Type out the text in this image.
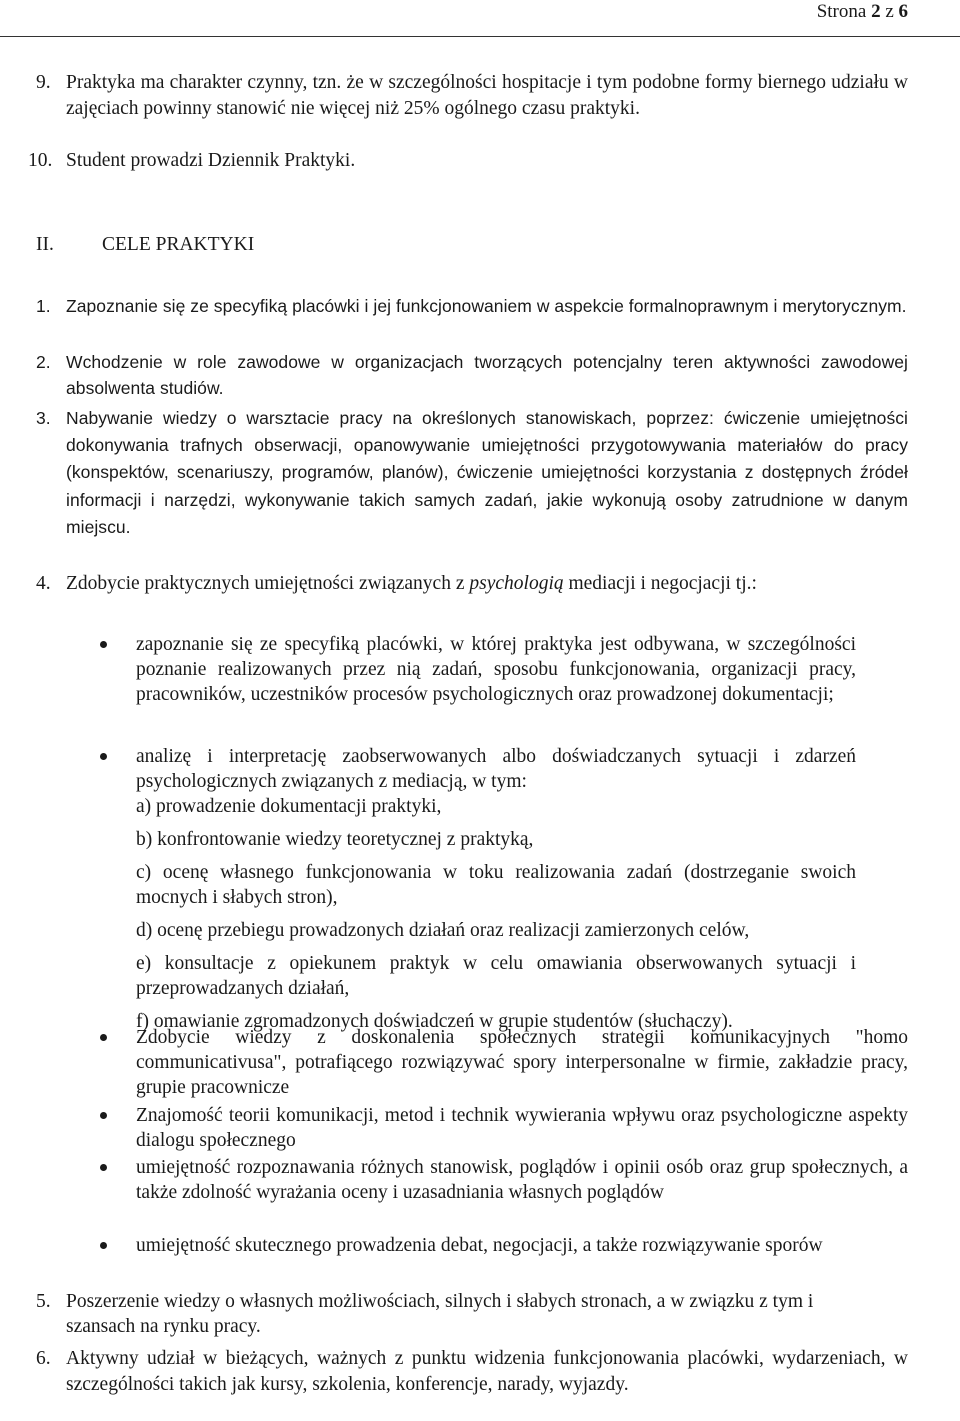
Strona 2 z 6
9. Praktyka ma charakter czynny, tzn. że w szczególności hospitacje i tym podobne formy biernego udziału w zajęciach powinny stanowić nie więcej niż 25% ogólnego czasu praktyki.
10. Student prowadzi Dziennik Praktyki.
II. CELE PRAKTYKI
1. Zapoznanie się ze specyfiką placówki i jej funkcjonowaniem w aspekcie formalnoprawnym i merytorycznym.
2. Wchodzenie w role zawodowe w organizacjach tworzących potencjalny teren aktywności zawodowej absolwenta studiów.
3. Nabywanie wiedzy o warsztacie pracy na określonych stanowiskach, poprzez: ćwiczenie umiejętności dokonywania trafnych obserwacji, opanowywanie umiejętności przygotowywania materiałów do pracy (konspektów, scenariuszy, programów, planów), ćwiczenie umiejętności korzystania z dostępnych źródeł informacji i narzędzi, wykonywanie takich samych zadań, jakie wykonują osoby zatrudnione w danym miejscu.
4. Zdobycie praktycznych umiejętności związanych z psychologią mediacji i negocjacji tj.:
zapoznanie się ze specyfiką placówki, w której praktyka jest odbywana, w szczególności poznanie realizowanych przez nią zadań, sposobu funkcjonowania, organizacji pracy, pracowników, uczestników procesów psychologicznych oraz prowadzonej dokumentacji;
analizę i interpretację zaobserwowanych albo doświadczanych sytuacji i zdarzeń psychologicznych związanych z mediacją, w tym:
a) prowadzenie dokumentacji praktyki,
b) konfrontowanie wiedzy teoretycznej z praktyką,
c) ocenę własnego funkcjonowania w toku realizowania zadań (dostrzeganie swoich mocnych i słabych stron),
d) ocenę przebiegu prowadzonych działań oraz realizacji zamierzonych celów,
e) konsultacje z opiekunem praktyk w celu omawiania obserwowanych sytuacji i przeprowadzanych działań,
f) omawianie zgromadzonych doświadczeń w grupie studentów (słuchaczy).
Zdobycie wiedzy z doskonalenia społecznych strategii komunikacyjnych "homo communicativusa", potrafiącego rozwiązywać spory interpersonalne w firmie, zakładzie pracy, grupie pracownicze
Znajomość teorii komunikacji, metod i technik wywierania wpływu oraz psychologiczne aspekty dialogu społecznego
umiejętność rozpoznawania różnych stanowisk, poglądów i opinii osób oraz grup społecznych, a także zdolność wyrażania oceny i uzasadniania własnych poglądów
umiejętność skutecznego prowadzenia debat, negocjacji, a także rozwiązywanie sporów
5. Poszerzenie wiedzy o własnych możliwościach, silnych i słabych stronach, a w związku z tym i szansach na rynku pracy.
6. Aktywny udział w bieżących, ważnych z punktu widzenia funkcjonowania placówki, wydarzeniach, w szczególności takich jak kursy, szkolenia, konferencje, narady, wyjazdy.
